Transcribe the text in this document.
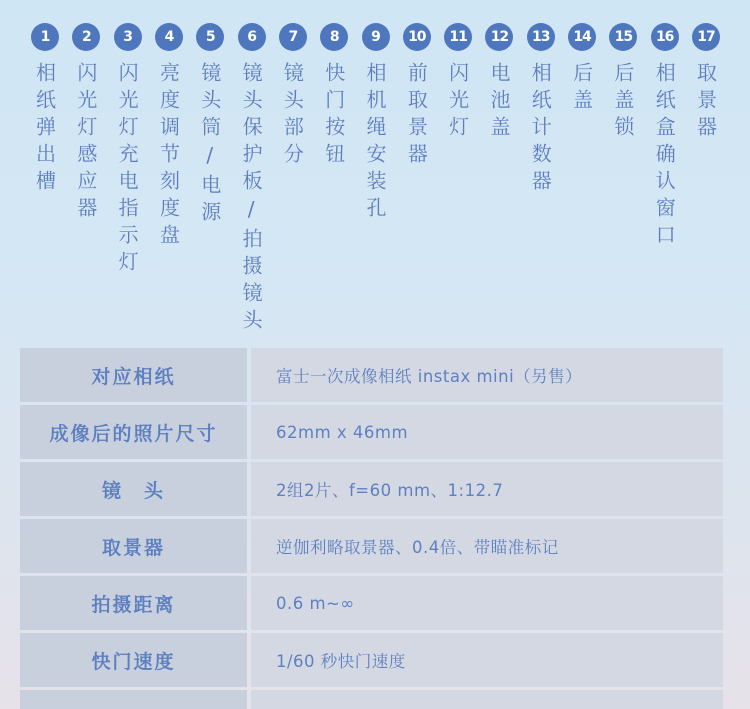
1
相纸弹出槽
2
闪光灯感应器
3
闪光灯充电指示灯
4
亮度调节刻度盘
5
镜头筒/电源
6
镜头保护板/拍摄镜头
7
镜头部分
8
快门按钮
9
相机绳安装孔
10
前取景器
11
闪光灯
12
电池盖
13
相纸计数器
14
后盖
15
后盖锁
16
相纸盒确认窗口
17
取景器
对应相纸	富士一次成像相纸 instax mini（另售）
成像后的照片尺寸	62mm x 46mm
镜　头	2组2片、f=60 mm、1:12.7
取景器	逆伽利略取景器、0.4倍、带瞄准标记
拍摄距离	0.6 m~∞
快门速度	1/60 秒快门速度
